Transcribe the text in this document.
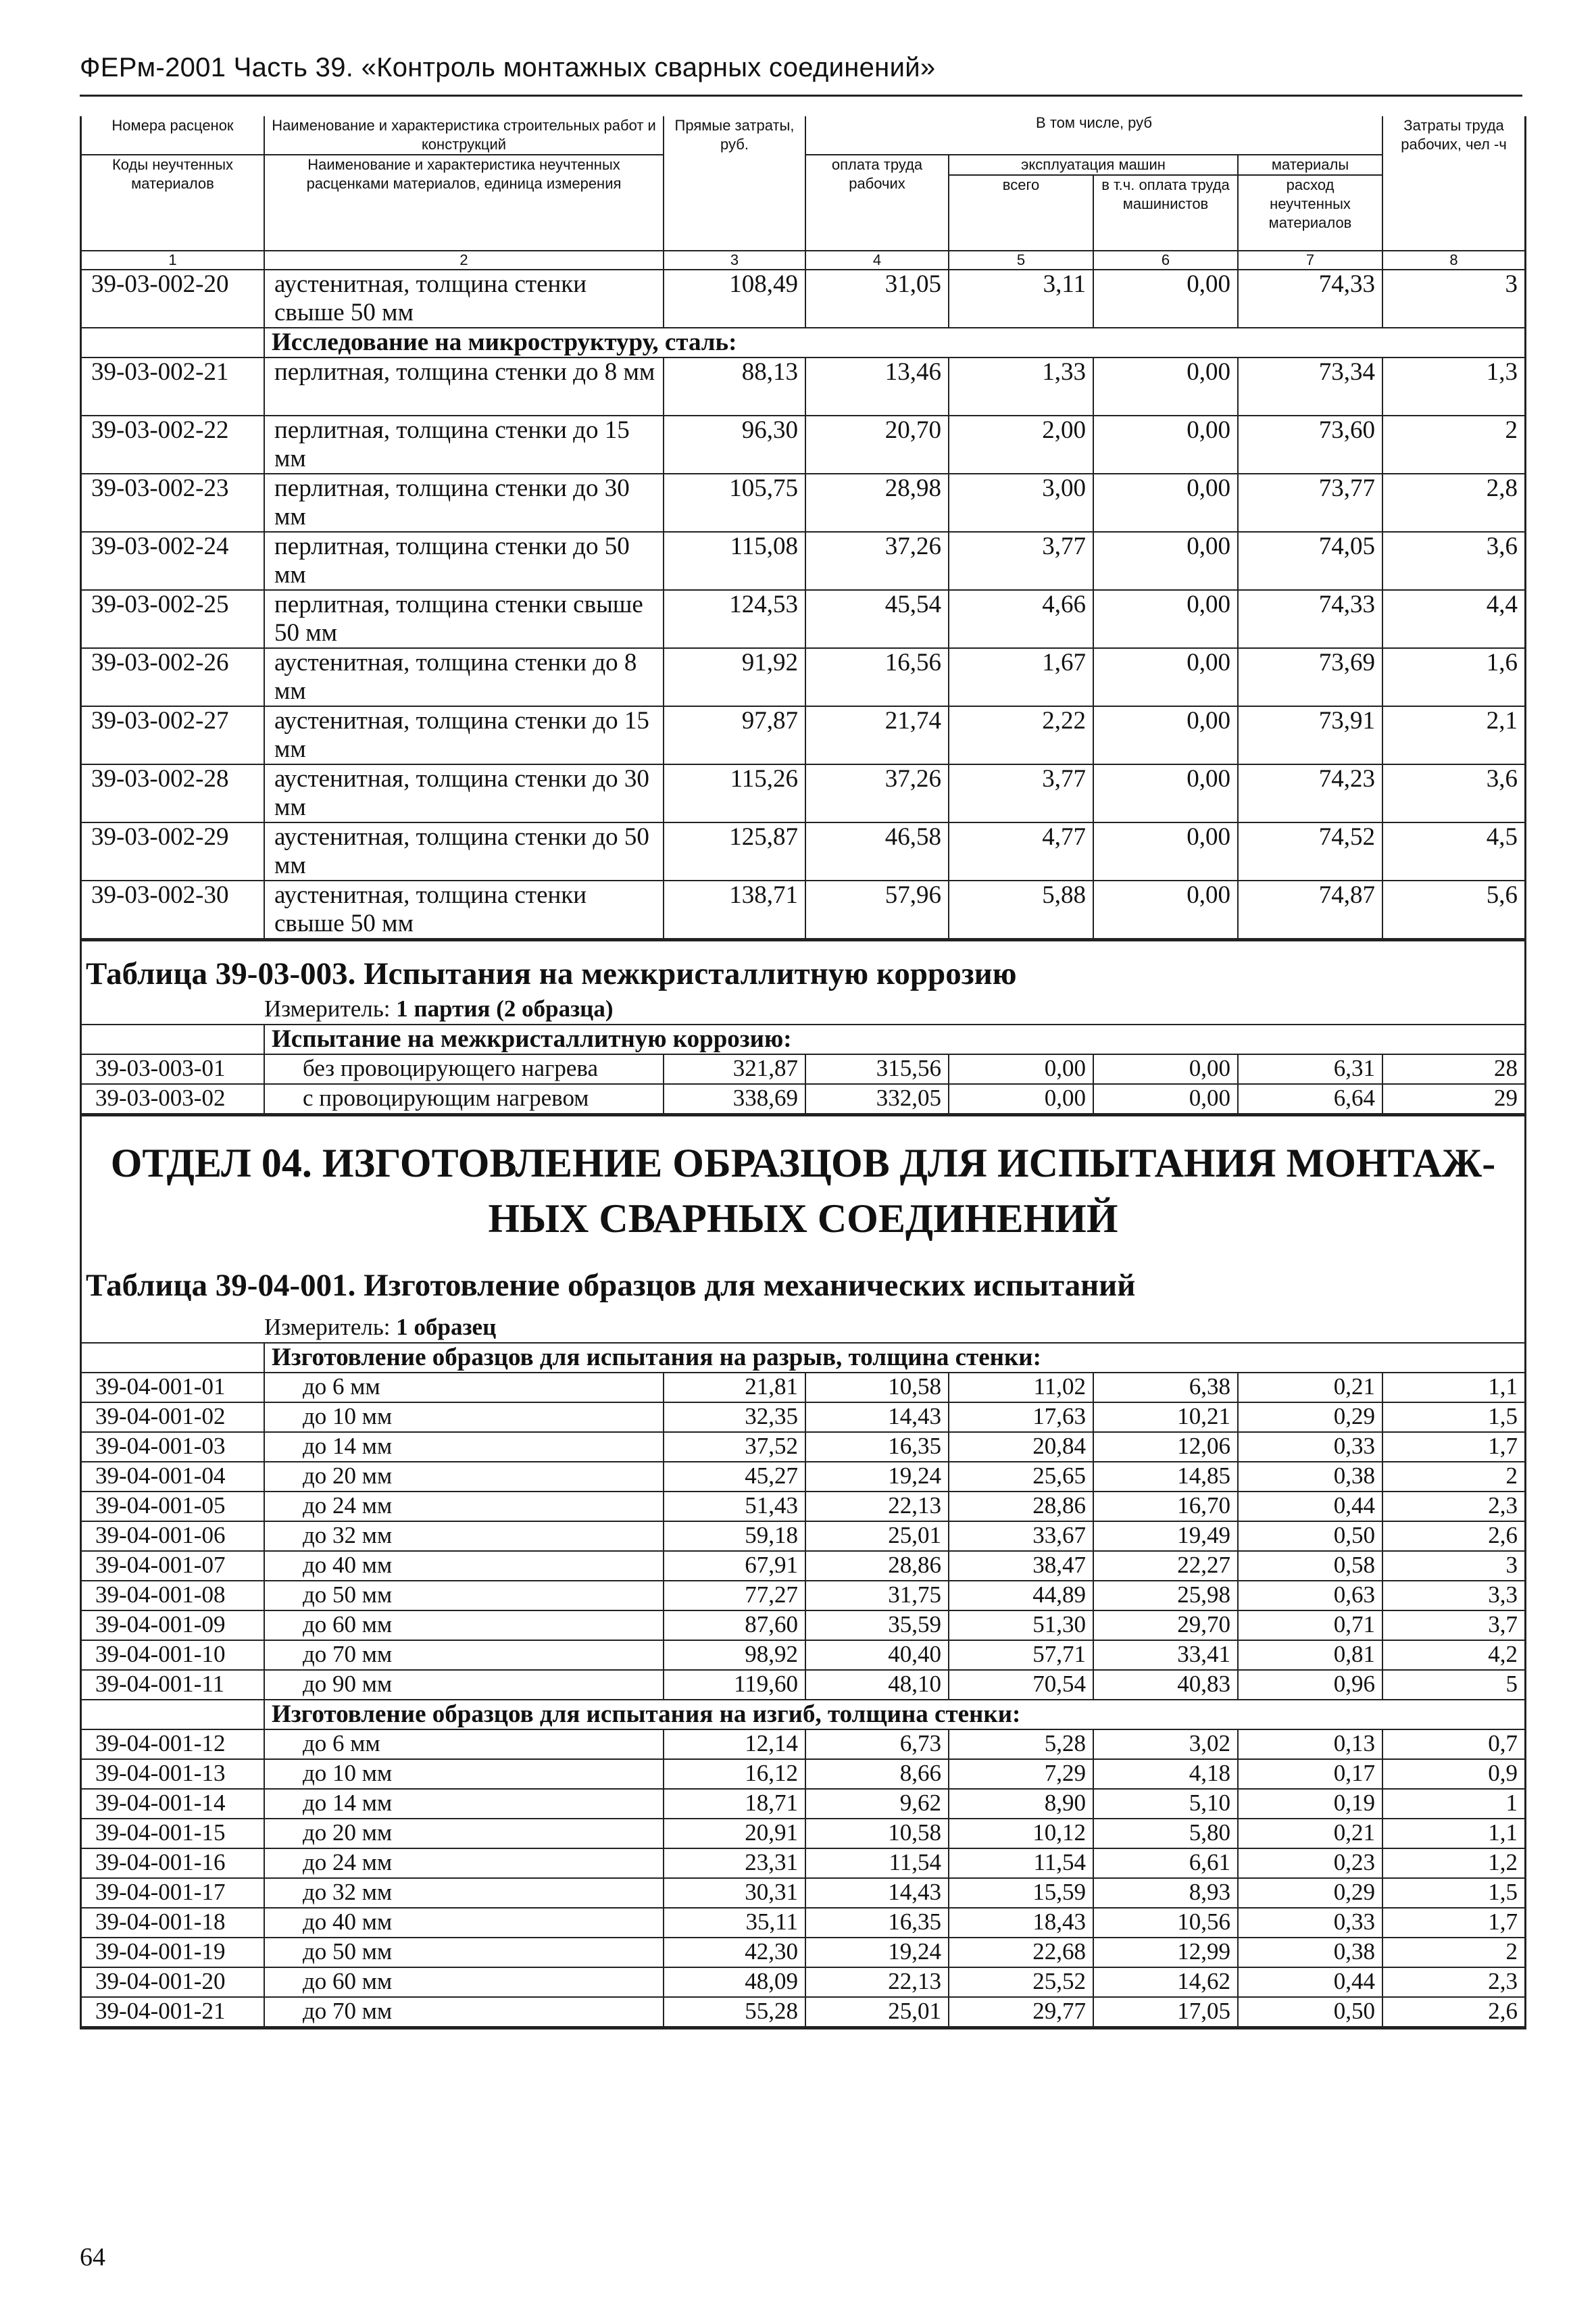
ФЕРм-2001 Часть 39. «Контроль монтажных сварных соединений»
Номера расценок	Наименование и характеристика строительных работ и конструкций	Прямые затраты, руб.	В том числе, руб				Затраты труда рабочих, чел -ч
Коды неучтенных материалов	Наименование и характеристика неучтенных расценками материалов, единица измерения		оплата труда рабочих	эксплуатация машин		материалы	
				всего	в т.ч. оплата труда машинистов	расход неучтенных материалов	
1	2	3	4	5	6	7	8
39-03-002-20	аустенитная, толщина стенки свыше 50 мм	108,49	31,05	3,11	0,00	74,33	3
	Исследование на микроструктуру, сталь:						
39-03-002-21	перлитная, толщина стенки до 8 мм	88,13	13,46	1,33	0,00	73,34	1,3
39-03-002-22	перлитная, толщина стенки до 15 мм	96,30	20,70	2,00	0,00	73,60	2
39-03-002-23	перлитная, толщина стенки до 30 мм	105,75	28,98	3,00	0,00	73,77	2,8
39-03-002-24	перлитная, толщина стенки до 50 мм	115,08	37,26	3,77	0,00	74,05	3,6
39-03-002-25	перлитная, толщина стенки свыше 50 мм	124,53	45,54	4,66	0,00	74,33	4,4
39-03-002-26	аустенитная, толщина стенки до 8 мм	91,92	16,56	1,67	0,00	73,69	1,6
39-03-002-27	аустенитная, толщина стенки до 15 мм	97,87	21,74	2,22	0,00	73,91	2,1
39-03-002-28	аустенитная, толщина стенки до 30 мм	115,26	37,26	3,77	0,00	74,23	3,6
39-03-002-29	аустенитная, толщина стенки до 50 мм	125,87	46,58	4,77	0,00	74,52	4,5
39-03-002-30	аустенитная, толщина стенки свыше 50 мм	138,71	57,96	5,88	0,00	74,87	5,6
Таблица 39-03-003. Испытания на межкристаллитную коррозию
Измеритель: 1 партия (2 образца)
	Испытание на межкристаллитную коррозию:						
39-03-003-01	без провоцирующего нагрева	321,87	315,56	0,00	0,00	6,31	28
39-03-003-02	с провоцирующим нагревом	338,69	332,05	0,00	0,00	6,64	29
ОТДЕЛ 04. ИЗГОТОВЛЕНИЕ ОБРАЗЦОВ ДЛЯ ИСПЫТАНИЯ МОНТАЖ-
НЫХ СВАРНЫХ СОЕДИНЕНИЙ
Таблица 39-04-001. Изготовление образцов для механических испытаний
Измеритель: 1 образец
	Изготовление образцов для испытания на разрыв, толщина стенки:						
39-04-001-01	до 6 мм	21,81	10,58	11,02	6,38	0,21	1,1
39-04-001-02	до 10 мм	32,35	14,43	17,63	10,21	0,29	1,5
39-04-001-03	до 14 мм	37,52	16,35	20,84	12,06	0,33	1,7
39-04-001-04	до 20 мм	45,27	19,24	25,65	14,85	0,38	2
39-04-001-05	до 24 мм	51,43	22,13	28,86	16,70	0,44	2,3
39-04-001-06	до 32 мм	59,18	25,01	33,67	19,49	0,50	2,6
39-04-001-07	до 40 мм	67,91	28,86	38,47	22,27	0,58	3
39-04-001-08	до 50 мм	77,27	31,75	44,89	25,98	0,63	3,3
39-04-001-09	до 60 мм	87,60	35,59	51,30	29,70	0,71	3,7
39-04-001-10	до 70 мм	98,92	40,40	57,71	33,41	0,81	4,2
39-04-001-11	до 90 мм	119,60	48,10	70,54	40,83	0,96	5
	Изготовление образцов для испытания на изгиб, толщина стенки:						
39-04-001-12	до 6 мм	12,14	6,73	5,28	3,02	0,13	0,7
39-04-001-13	до 10 мм	16,12	8,66	7,29	4,18	0,17	0,9
39-04-001-14	до 14 мм	18,71	9,62	8,90	5,10	0,19	1
39-04-001-15	до 20 мм	20,91	10,58	10,12	5,80	0,21	1,1
39-04-001-16	до 24 мм	23,31	11,54	11,54	6,61	0,23	1,2
39-04-001-17	до 32 мм	30,31	14,43	15,59	8,93	0,29	1,5
39-04-001-18	до 40 мм	35,11	16,35	18,43	10,56	0,33	1,7
39-04-001-19	до 50 мм	42,30	19,24	22,68	12,99	0,38	2
39-04-001-20	до 60 мм	48,09	22,13	25,52	14,62	0,44	2,3
39-04-001-21	до 70 мм	55,28	25,01	29,77	17,05	0,50	2,6
64
